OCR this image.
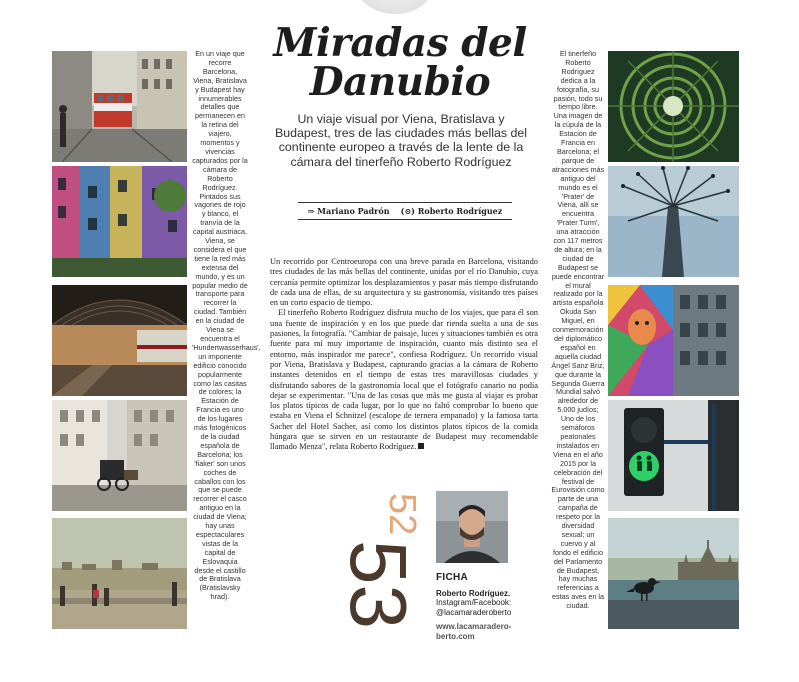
En un viaje que recorre Barcelona, Viena, Bratislava y Budapest hay innumerables detalles que permanecen en la retina del viajero, momentos y vivencias capturados por la cámara de Roberto Rodríguez. Pintados sus vagones de rojo y blanco, el tranvía de la capital austriaca, Viena, se considera el que tiene la red más extensa del mundo, y es un popular medio de transporte para recorrer la ciudad. También en la ciudad de Viena se encuentra el 'Hundertwasserhaus', un imponente edificio conocido popularmente como las casitas de colores; la Estación de Francia es uno de los lugares más fotogénicos de la ciudad española de Barcelona; los 'fiaker' son unos coches de caballos con los que se puede recorrer el casco antiguo en la ciudad de Viena; hay unas espectaculares vistas de la capital de Eslovaquia desde el castillo de Bratislava (Bratislavsky hrad).

Miradas del Danubio
Un viaje visual por Viena, Bratislava y Budapest, tres de las ciudades más bellas del continente europeo a través de la lente de la cámara del tinerfeño Roberto Rodríguez
⇒ Mariano Padrón (⊙) Roberto Rodríguez

Un recorrido por Centroeuropa con una breve parada en Barcelona, visitando tres ciudades de las más bellas del continente, unidas por el río Danubio, cuya cercanía permite optimizar los desplazamientos y pasar más tiempo disfrutando de cada una de ellas, de su arquitectura y su gastronomía, visitando tres países en un corto espacio de tiempo.

El tinerfeño Roberto Rodríguez disfruta mucho de los viajes, que para él son una fuente de inspiración y en los que puede dar rienda suelta a una de sus pasiones, la fotografía. "Cambiar de paisaje, luces y situaciones también es otra fuente para mí muy importante de inspiración, cuanto más distinto sea el entorno, más inspirador me parece", confiesa Rodríguez. Un recorrido visual por Viena, Bratislava y Budapest, capturando gracias a la cámara de Roberto instantes detenidos en el tiempo de estas tres maravillosas ciudades y disfrutando sabores de la gastronomía local que el fotógrafo canario no podía dejar se experimentar. "Una de las cosas que más me gusta al viajar es probar los platos típicos de cada lugar, por lo que no faltó comprobar lo bueno que estaba en Viena el Schnitzel (escalope de ternera empanado) y la famosa tarta Sacher del Hotel Sacher, así como los distintos platos típicos de la comida húngara que se sirven en un restaurante de Budapest muy recomendable llamado Menza", relata Roberto Rodríguez.

52
53 FICHA
Roberto Rodríguez.
Instagram/Facebook:
@lacamaraderoberto
www.lacamaradero-
berto.com

El tinerfeño Roberto Rodríguez dedica a la fotografía, su pasión, todo su tiempo libre. Una imagen de la cúpula de la Estación de Francia en Barcelona; el parque de atracciones más antiguo del mundo es el 'Prater' de Viena, allí se encuentra 'Prater Turm', una atracción con 117 metros de altura; en la ciudad de Budapest se puede encontrar el mural realizado por la artista española Okuda San Miguel, en conmemoración del diplomático español en aquella ciudad Ángel Sanz Briz, que durante la Segunda Guerra Mundial salvó alrededor de 5.000 judíos; Uno de los semáforos peatonales instalados en Viena en el año 2015 por la celebración del festival de Eurovisión como parte de una campaña de respeto por la diversidad sexual; un cuervo y al fondo el edificio del Parlamento de Budapest, hay muchas referencias a estas aves en la ciudad.
